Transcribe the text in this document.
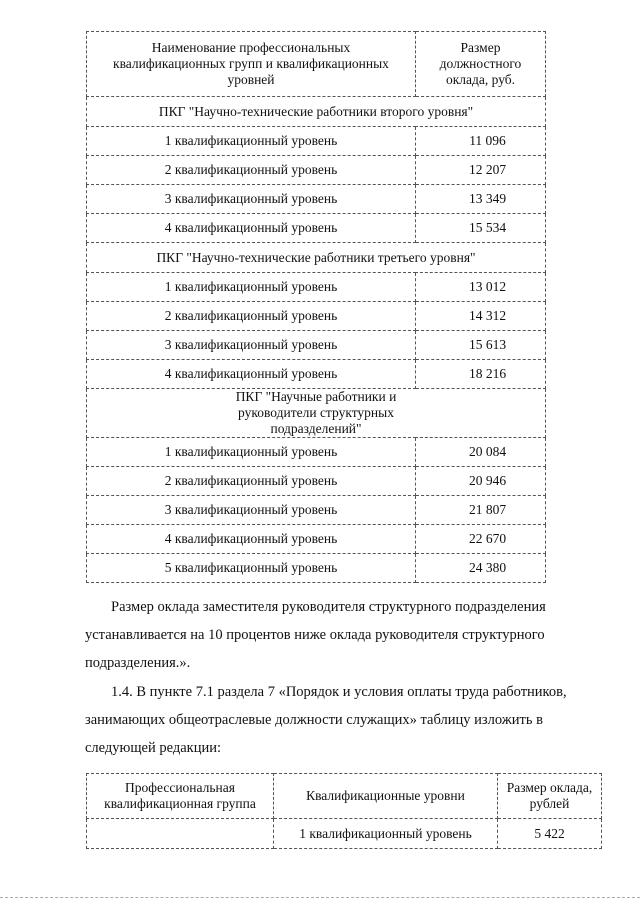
Наименование профессиональных квалификационных групп и квалификационных уровней	Размер должностного оклада, руб.
ПКГ "Научно-технические работники второго уровня"	
1 квалификационный уровень	11 096
2 квалификационный уровень	12 207
3 квалификационный уровень	13 349
4 квалификационный уровень	15 534
ПКГ "Научно-технические работники третьего уровня"	
1 квалификационный уровень	13 012
2 квалификационный уровень	14 312
3 квалификационный уровень	15 613
4 квалификационный уровень	18 216
ПКГ "Научные работники и руководители структурных подразделений"	
1 квалификационный уровень	20 084
2 квалификационный уровень	20 946
3 квалификационный уровень	21 807
4 квалификационный уровень	22 670
5 квалификационный уровень	24 380
Размер оклада заместителя руководителя структурного подразделения
устанавливается на 10 процентов ниже оклада руководителя структурного
подразделения.».
1.4. В пункте 7.1 раздела 7 «Порядок и условия оплаты труда работников,
занимающих общеотраслевые должности служащих» таблицу изложить в
следующей редакции:
Профессиональная квалификационная группа	Квалификационные уровни	Размер оклада, рублей
	1 квалификационный уровень	5 422
